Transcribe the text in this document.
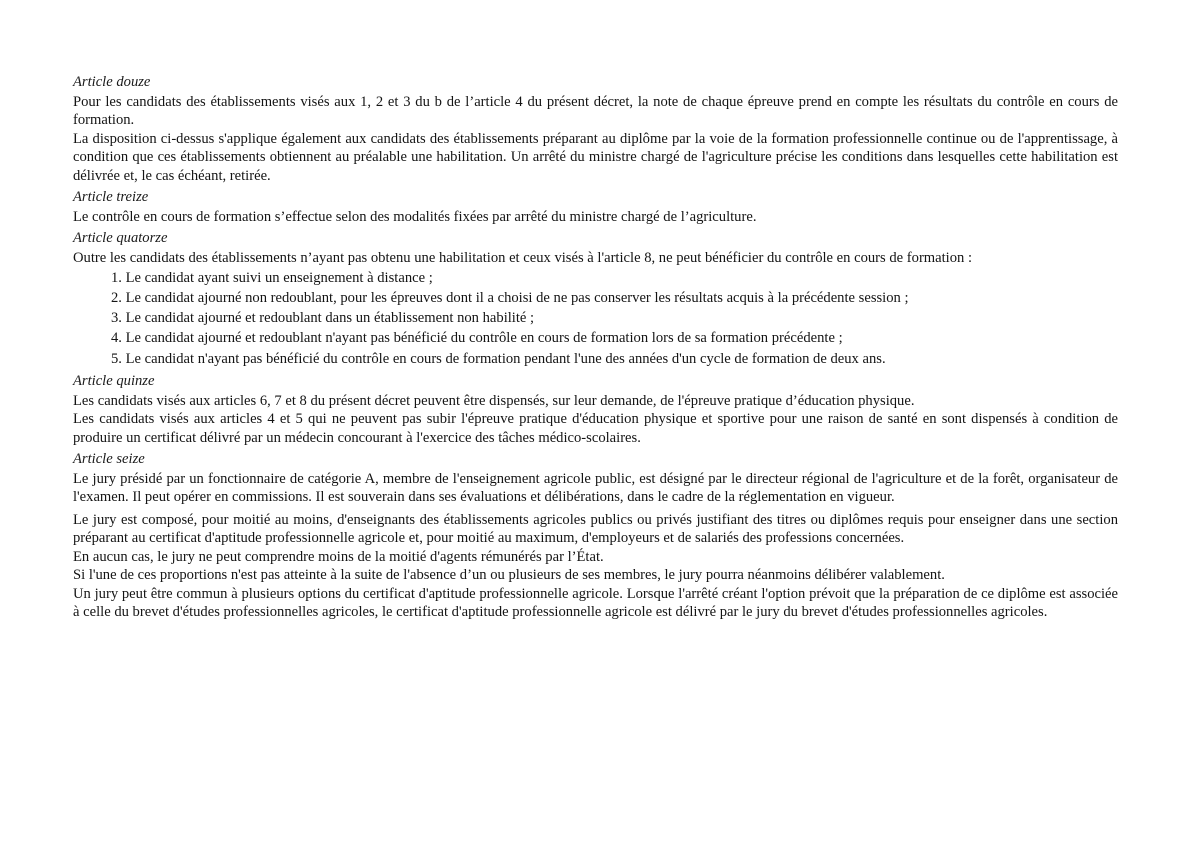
Article douze

Pour les candidats des établissements visés aux 1, 2 et 3 du b de l’article 4 du présent décret, la note de chaque épreuve prend en compte les résultats du contrôle en cours de formation.

La disposition ci-dessus s'applique également aux candidats des établissements préparant au diplôme par la voie de la formation professionnelle continue ou de l'apprentissage, à condition que ces établissements obtiennent au préalable une habilitation. Un arrêté du ministre chargé de l'agriculture précise les conditions dans lesquelles cette habilitation est délivrée et, le cas échéant, retirée.

Article treize

Le contrôle en cours de formation s’effectue selon des modalités fixées par arrêté du ministre chargé de l’agriculture.

Article quatorze

Outre les candidats des établissements n’ayant pas obtenu une habilitation et ceux visés à l'article 8, ne peut bénéficier du contrôle en cours de formation :

1. Le candidat ayant suivi un enseignement à distance ;
2. Le candidat ajourné non redoublant, pour les épreuves dont il a choisi de ne pas conserver les résultats acquis à la précédente session ;
3. Le candidat ajourné et redoublant dans un établissement non habilité ;
4. Le candidat ajourné et redoublant n'ayant pas bénéficié du contrôle en cours de formation lors de sa formation précédente ;
5. Le candidat n'ayant pas bénéficié du contrôle en cours de formation pendant l'une des années d'un cycle de formation de deux ans.

Article quinze

Les candidats visés aux articles 6, 7 et 8 du présent décret peuvent être dispensés, sur leur demande, de l'épreuve pratique d’éducation physique.

Les candidats visés aux articles 4 et 5 qui ne peuvent pas subir l'épreuve pratique d'éducation physique et sportive pour une raison de santé en sont dispensés à condition de produire un certificat délivré par un médecin concourant à l'exercice des tâches médico-scolaires.

Article seize

Le jury présidé par un fonctionnaire de catégorie A, membre de l'enseignement agricole public, est désigné par le directeur régional de l'agriculture et de la forêt, organisateur de l'examen. Il peut opérer en commissions. Il est souverain dans ses évaluations et délibérations, dans le cadre de la réglementation en vigueur.

Le jury est composé, pour moitié au moins, d'enseignants des établissements agricoles publics ou privés justifiant des titres ou diplômes requis pour enseigner dans une section préparant au certificat d'aptitude professionnelle agricole et, pour moitié au maximum, d'employeurs et de salariés des professions concernées.

En aucun cas, le jury ne peut comprendre moins de la moitié d'agents rémunérés par l’État.

Si l'une de ces proportions n'est pas atteinte à la suite de l'absence d’un ou plusieurs de ses membres, le jury pourra néanmoins délibérer valablement.

Un jury peut être commun à plusieurs options du certificat d'aptitude professionnelle agricole. Lorsque l'arrêté créant l'option prévoit que la préparation de ce diplôme est associée à celle du brevet d'études professionnelles agricoles, le certificat d'aptitude professionnelle agricole est délivré par le jury du brevet d'études professionnelles agricoles.
